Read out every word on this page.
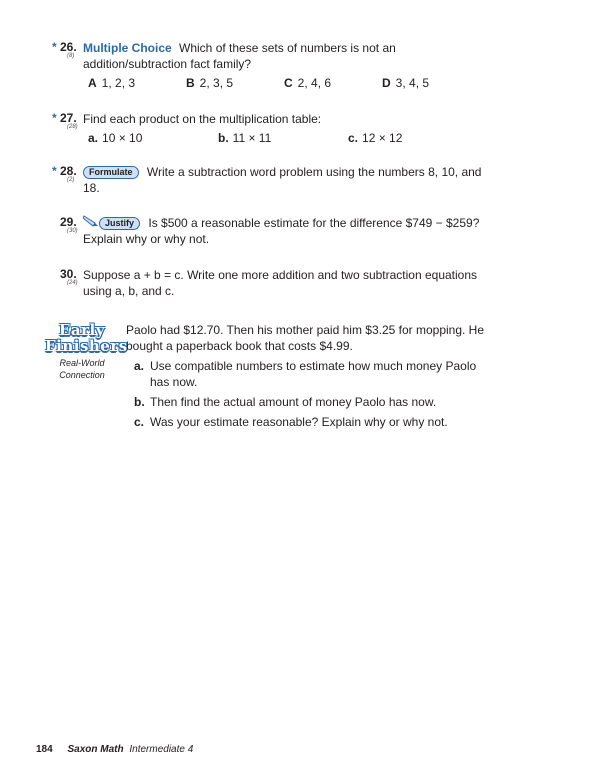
* 26.
(8)
Multiple Choice Which of these sets of numbers is not an addition/subtraction fact family?
A 1, 2, 3	B 2, 3, 5	C 2, 4, 6	D 3, 4, 5
* 27.
(28)
Find each product on the multiplication table:
a. 10 × 10	b. 11 × 11	c. 12 × 12
* 28.
(2)
Formulate Write a subtraction word problem using the numbers 8, 10, and 18.
29.
(30)
Justify Is $500 a reasonable estimate for the difference $749 − $259? Explain why or why not.
30.
(24)
Suppose a + b = c. Write one more addition and two subtraction equations using a, b, and c.
Early
Finishers
Real-World Connection
Paolo had $12.70. Then his mother paid him $3.25 for mopping. He bought a paperback book that costs $4.99.
a. Use compatible numbers to estimate how much money Paolo has now.
b. Then find the actual amount of money Paolo has now.
c. Was your estimate reasonable? Explain why or why not.
184 Saxon Math Intermediate 4
